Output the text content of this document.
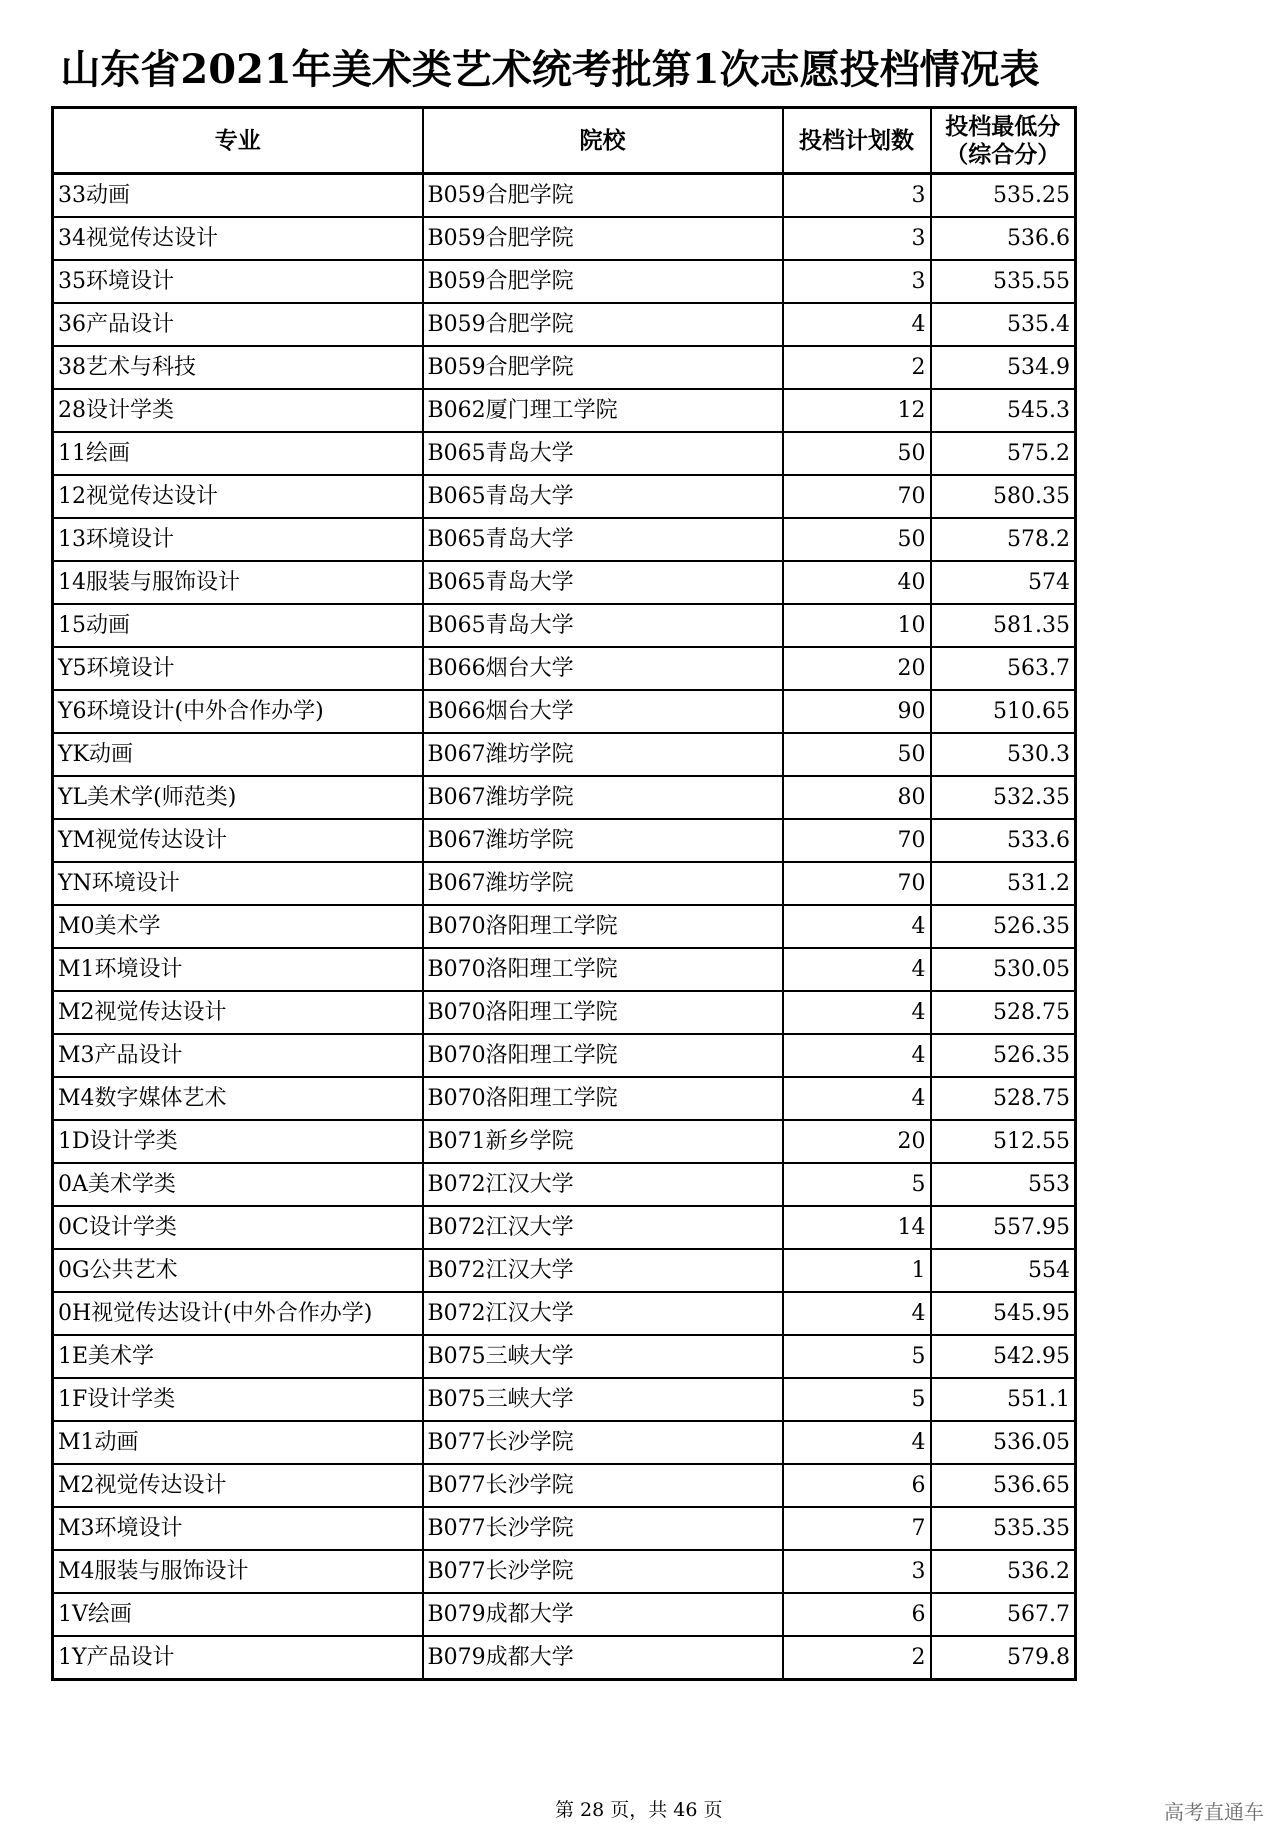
山东省2021年美术类艺术统考批第1次志愿投档情况表
专业	院校	投档计划数	投档最低分
（综合分）

33动画	B059合肥学院	3	535.25
34视觉传达设计	B059合肥学院	3	536.6
35环境设计	B059合肥学院	3	535.55
36产品设计	B059合肥学院	4	535.4
38艺术与科技	B059合肥学院	2	534.9
28设计学类	B062厦门理工学院	12	545.3
11绘画	B065青岛大学	50	575.2
12视觉传达设计	B065青岛大学	70	580.35
13环境设计	B065青岛大学	50	578.2
14服装与服饰设计	B065青岛大学	40	574
15动画	B065青岛大学	10	581.35
Y5环境设计	B066烟台大学	20	563.7
Y6环境设计(中外合作办学)	B066烟台大学	90	510.65
YK动画	B067潍坊学院	50	530.3
YL美术学(师范类)	B067潍坊学院	80	532.35
YM视觉传达设计	B067潍坊学院	70	533.6
YN环境设计	B067潍坊学院	70	531.2
M0美术学	B070洛阳理工学院	4	526.35
M1环境设计	B070洛阳理工学院	4	530.05
M2视觉传达设计	B070洛阳理工学院	4	528.75
M3产品设计	B070洛阳理工学院	4	526.35
M4数字媒体艺术	B070洛阳理工学院	4	528.75
1D设计学类	B071新乡学院	20	512.55
0A美术学类	B072江汉大学	5	553
0C设计学类	B072江汉大学	14	557.95
0G公共艺术	B072江汉大学	1	554
0H视觉传达设计(中外合作办学)	B072江汉大学	4	545.95
1E美术学	B075三峡大学	5	542.95
1F设计学类	B075三峡大学	5	551.1
M1动画	B077长沙学院	4	536.05
M2视觉传达设计	B077长沙学院	6	536.65
M3环境设计	B077长沙学院	7	535.35
M4服装与服饰设计	B077长沙学院	3	536.2
1V绘画	B079成都大学	6	567.7
1Y产品设计	B079成都大学	2	579.8
第 28 页，共 46 页	高考直通车
